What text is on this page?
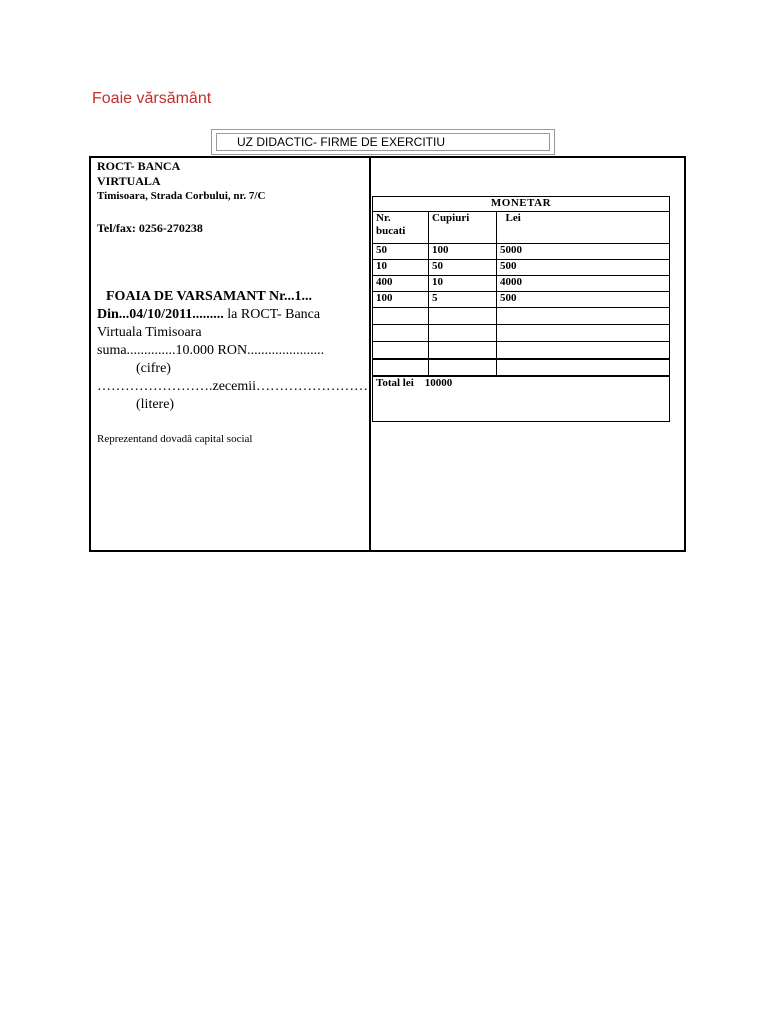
Foaie vărsământ
UZ DIDACTIC- FIRME DE EXERCITIU
ROCT- BANCA
VIRTUALA
Timisoara, Strada Corbului, nr. 7/C
Tel/fax: 0256-270238
FOAIA DE VARSAMANT Nr...1...
Din...04/10/2011......... la ROCT- Banca
Virtuala Timisoara
suma..............10.000 RON......................
(cifre)
…………………….zecemii……………………
(litere)
Reprezentand dovadă capital social
MONETAR		

Nr.
bucati	Cupiuri	Lei
50	100	5000
10	50	500
400	10	4000
100	5	500

Total lei 10000		
